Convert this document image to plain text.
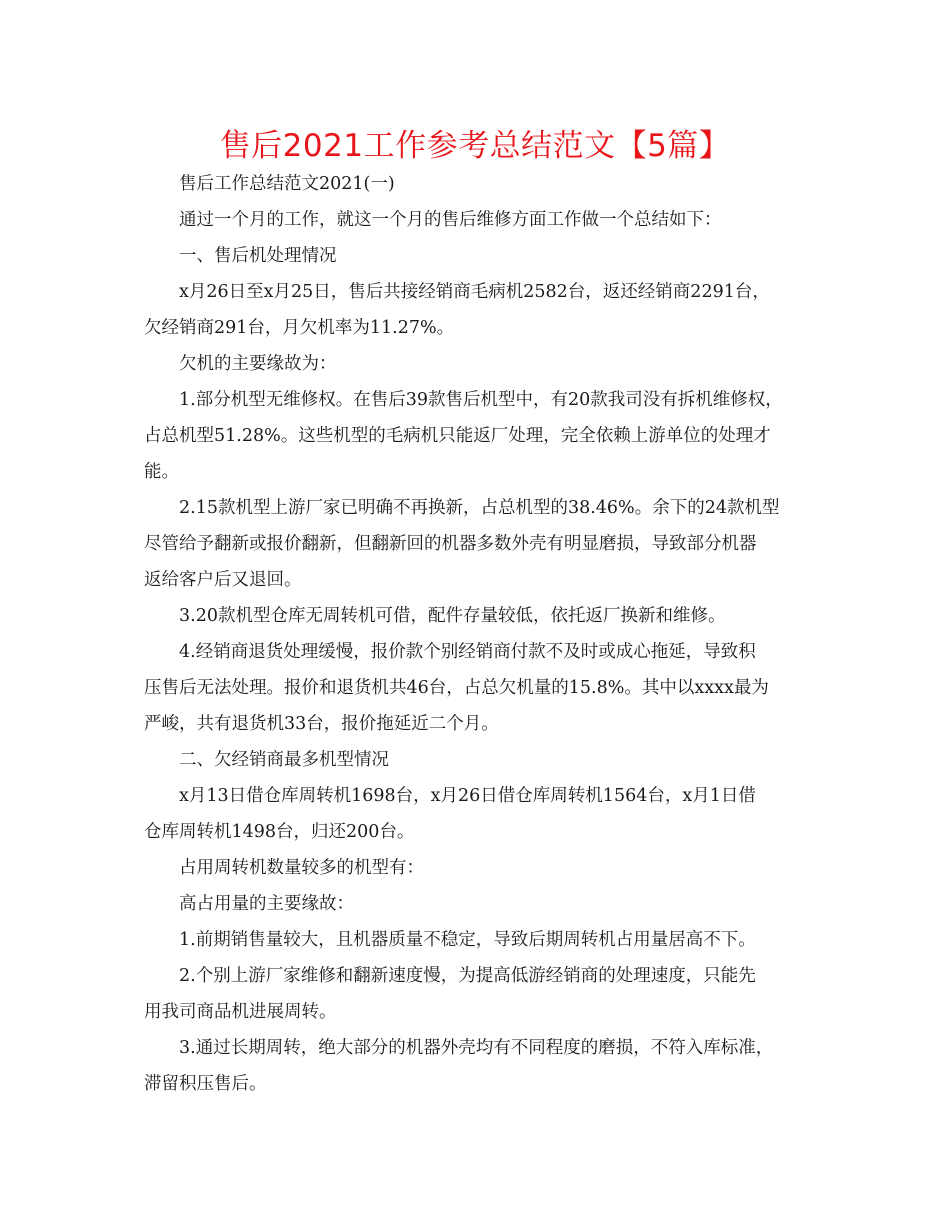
售后2021工作参考总结范文【5篇】
售后工作总结范文2021(一)
通过一个月的工作，就这一个月的售后维修方面工作做一个总结如下：
一、售后机处理情况
x月26日至x月25日，售后共接经销商毛病机2582台，返还经销商2291台，
欠经销商291台，月欠机率为11.27%。
欠机的主要缘故为：
1.部分机型无维修权。在售后39款售后机型中，有20款我司没有拆机维修权，
占总机型51.28%。这些机型的毛病机只能返厂处理，完全依赖上游单位的处理才
能。
2.15款机型上游厂家已明确不再换新，占总机型的38.46%。余下的24款机型
尽管给予翻新或报价翻新，但翻新回的机器多数外壳有明显磨损，导致部分机器
返给客户后又退回。
3.20款机型仓库无周转机可借，配件存量较低，依托返厂换新和维修。
4.经销商退货处理缓慢，报价款个别经销商付款不及时或成心拖延，导致积
压售后无法处理。报价和退货机共46台，占总欠机量的15.8%。其中以xxxx最为
严峻，共有退货机33台，报价拖延近二个月。
二、欠经销商最多机型情况
x月13日借仓库周转机1698台，x月26日借仓库周转机1564台，x月1日借
仓库周转机1498台，归还200台。
占用周转机数量较多的机型有：
高占用量的主要缘故：
1.前期销售量较大，且机器质量不稳定，导致后期周转机占用量居高不下。
2.个别上游厂家维修和翻新速度慢，为提高低游经销商的处理速度，只能先
用我司商品机进展周转。
3.通过长期周转，绝大部分的机器外壳均有不同程度的磨损，不符入库标准，
滞留积压售后。
